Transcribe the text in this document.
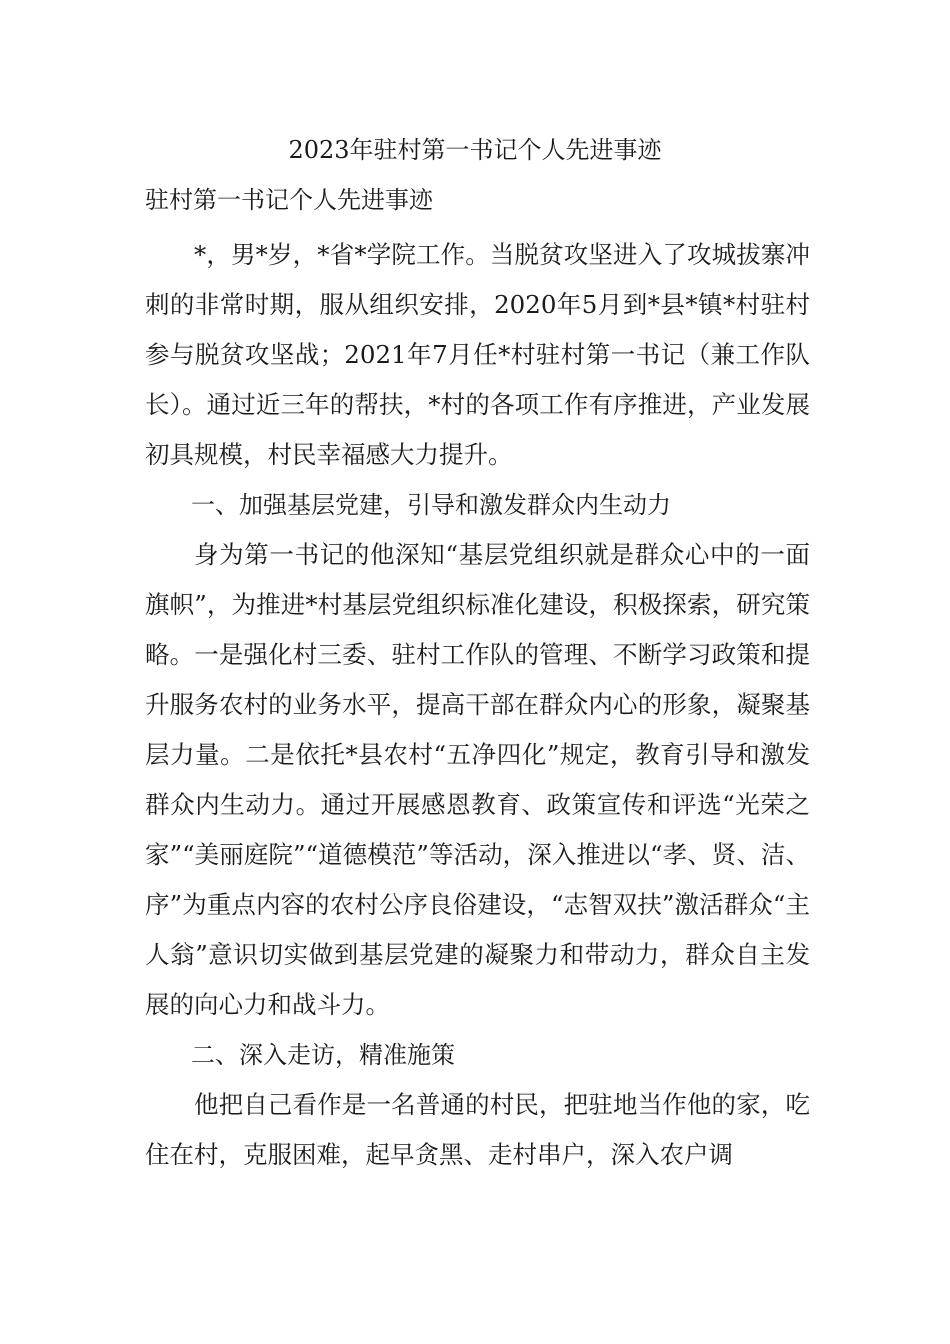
2023年驻村第一书记个人先进事迹
驻村第一书记个人先进事迹

*，男*岁，*省*学院工作。当脱贫攻坚进入了攻城拔寨冲刺的非常时期，服从组织安排，2020年5月到*县*镇*村驻村参与脱贫攻坚战；2021年7月任*村驻村第一书记（兼工作队长）。通过近三年的帮扶，*村的各项工作有序推进，产业发展初具规模，村民幸福感大力提升。

一、加强基层党建，引导和激发群众内生动力

身为第一书记的他深知“基层党组织就是群众心中的一面旗帜”，为推进*村基层党组织标准化建设，积极探索，研究策略。一是强化村三委、驻村工作队的管理、不断学习政策和提升服务农村的业务水平，提高干部在群众内心的形象，凝聚基层力量。二是依托*县农村“五净四化”规定，教育引导和激发群众内生动力。通过开展感恩教育、政策宣传和评选“光荣之家”“美丽庭院”“道德模范”等活动，深入推进以“孝、贤、洁、序”为重点内容的农村公序良俗建设，“志智双扶”激活群众“主人翁”意识切实做到基层党建的凝聚力和带动力，群众自主发展的向心力和战斗力。

二、深入走访，精准施策

他把自己看作是一名普通的村民，把驻地当作他的家，吃住在村，克服困难，起早贪黑、走村串户，深入农户调
